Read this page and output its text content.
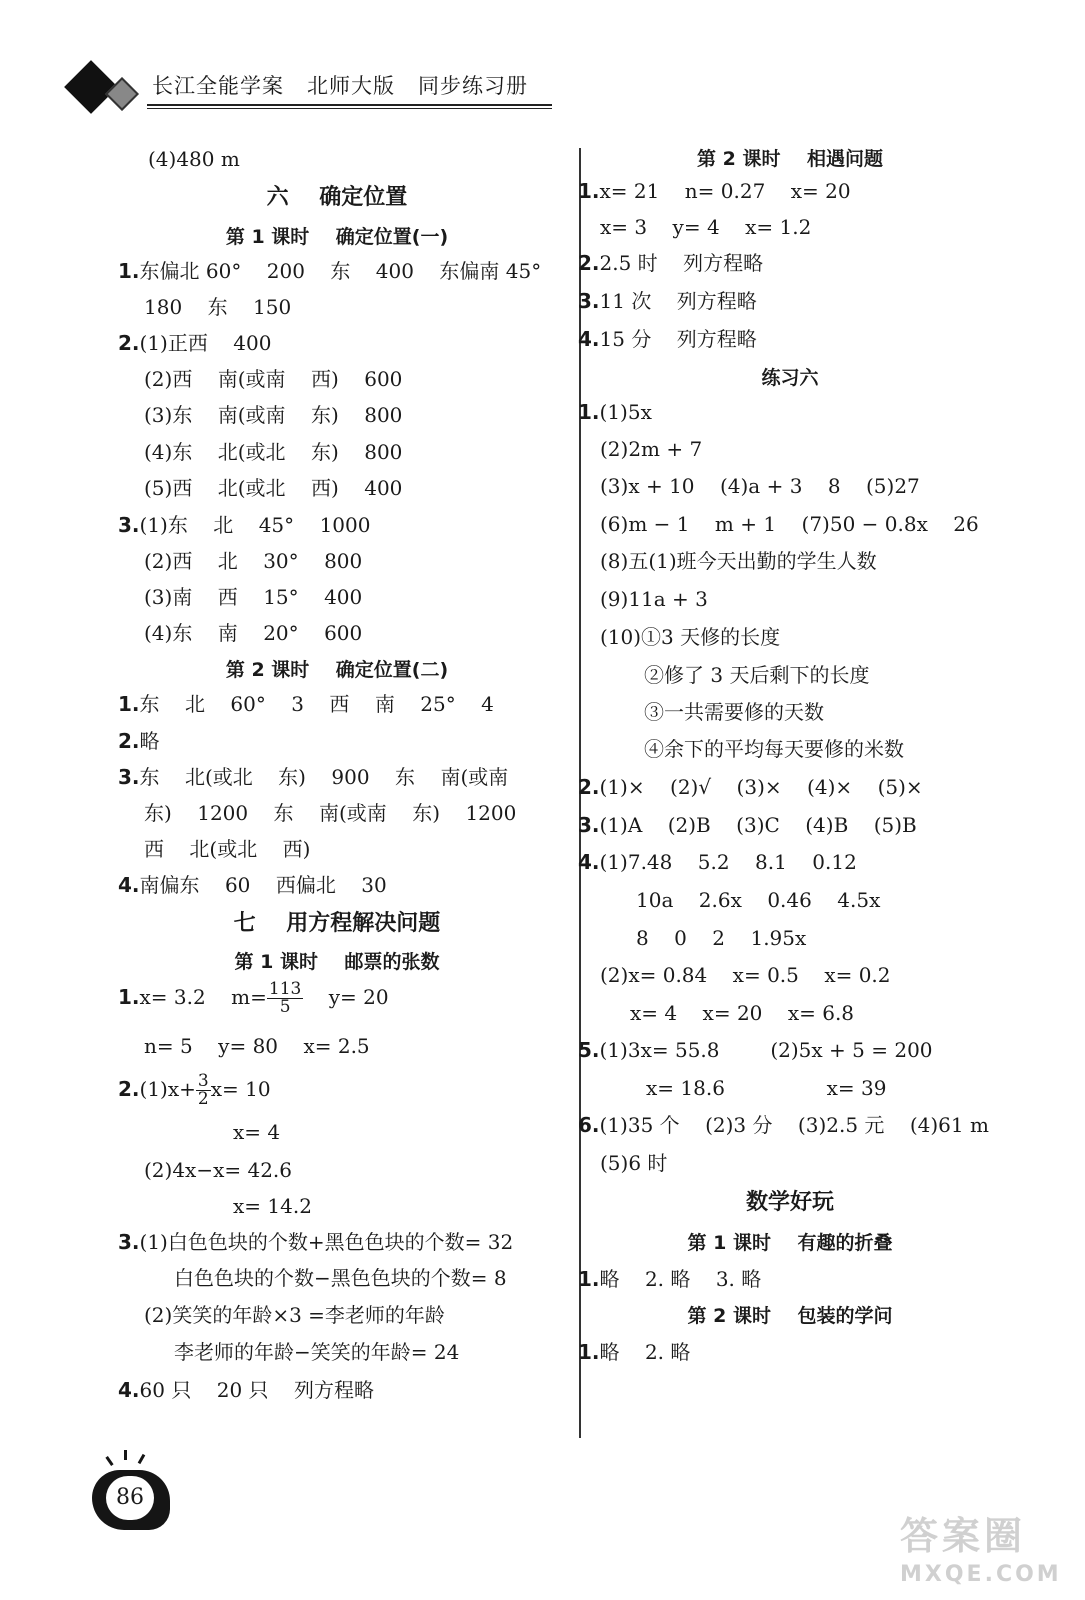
长江全能学案   北师大版   同步练习册
(4)480 m
六    确定位置
第 1 课时    确定位置(一)
1.东偏北 60°    200    东    400    东偏南 45°
180    东    150
2.(1)正西    400
(2)西    南(或南    西)    600
(3)东    南(或南    东)    800
(4)东    北(或北    东)    800
(5)西    北(或北    西)    400
3.(1)东    北    45°    1000
(2)西    北    30°    800
(3)南    西    15°    400
(4)东    南    20°    600
第 2 课时    确定位置(二)
1.东    北    60°    3    西    南    25°    4
2.略
3.东    北(或北    东)    900    东    南(或南
东)    1200    东    南(或南    东)    1200
西    北(或北    西)
4.南偏东    60    西偏北    30
七    用方程解决问题
第 1 课时    邮票的张数
1.x= 3.2    $m= \frac{113}{5} y= 20$
n= 5    y= 80    x= 2.5
$2.(1)x+ \frac{3}{2} x= 10$
x= 4
(2)4x−x= 42.6
x= 14.2
3.(1)白色色块的个数+黑色色块的个数= 32
白色色块的个数−黑色色块的个数= 8
(2)笑笑的年龄×3 =李老师的年龄
李老师的年龄−笑笑的年龄= 24
4.60 只    20 只    列方程略
第 2 课时    相遇问题
1.x= 21    n= 0.27    x= 20
x= 3    y= 4    x= 1.2
2.2.5 时    列方程略
3.11 次    列方程略
4.15 分    列方程略
练习六
1.(1)5x
(2)2m + 7
(3)x + 10    (4)a + 3    8    (5)27
(6)m − 1    m + 1    (7)50 − 0.8x    26
(8)五(1)班今天出勤的学生人数
(9)11a + 3
(10)①3 天修的长度
②修了 3 天后剩下的长度
③一共需要修的天数
④余下的平均每天要修的米数
2.(1)×    (2)√    (3)×    (4)×    (5)×
3.(1)A    (2)B    (3)C    (4)B    (5)B
4.(1)7.48    5.2    8.1    0.12
10a    2.6x    0.46    4.5x
8    0    2    1.95x
(2)x= 0.84    x= 0.5    x= 0.2
x= 4    x= 20    x= 6.8
5.(1)3x= 55.8        (2)5x + 5 = 200
x= 18.6                x= 39
6.(1)35 个    (2)3 分    (3)2.5 元    (4)61 m
(5)6 时
数学好玩
第 1 课时    有趣的折叠
1.略    2. 略    3. 略
第 2 课时    包装的学问
1.略    2. 略
86
答案圈
MXQE.COM
